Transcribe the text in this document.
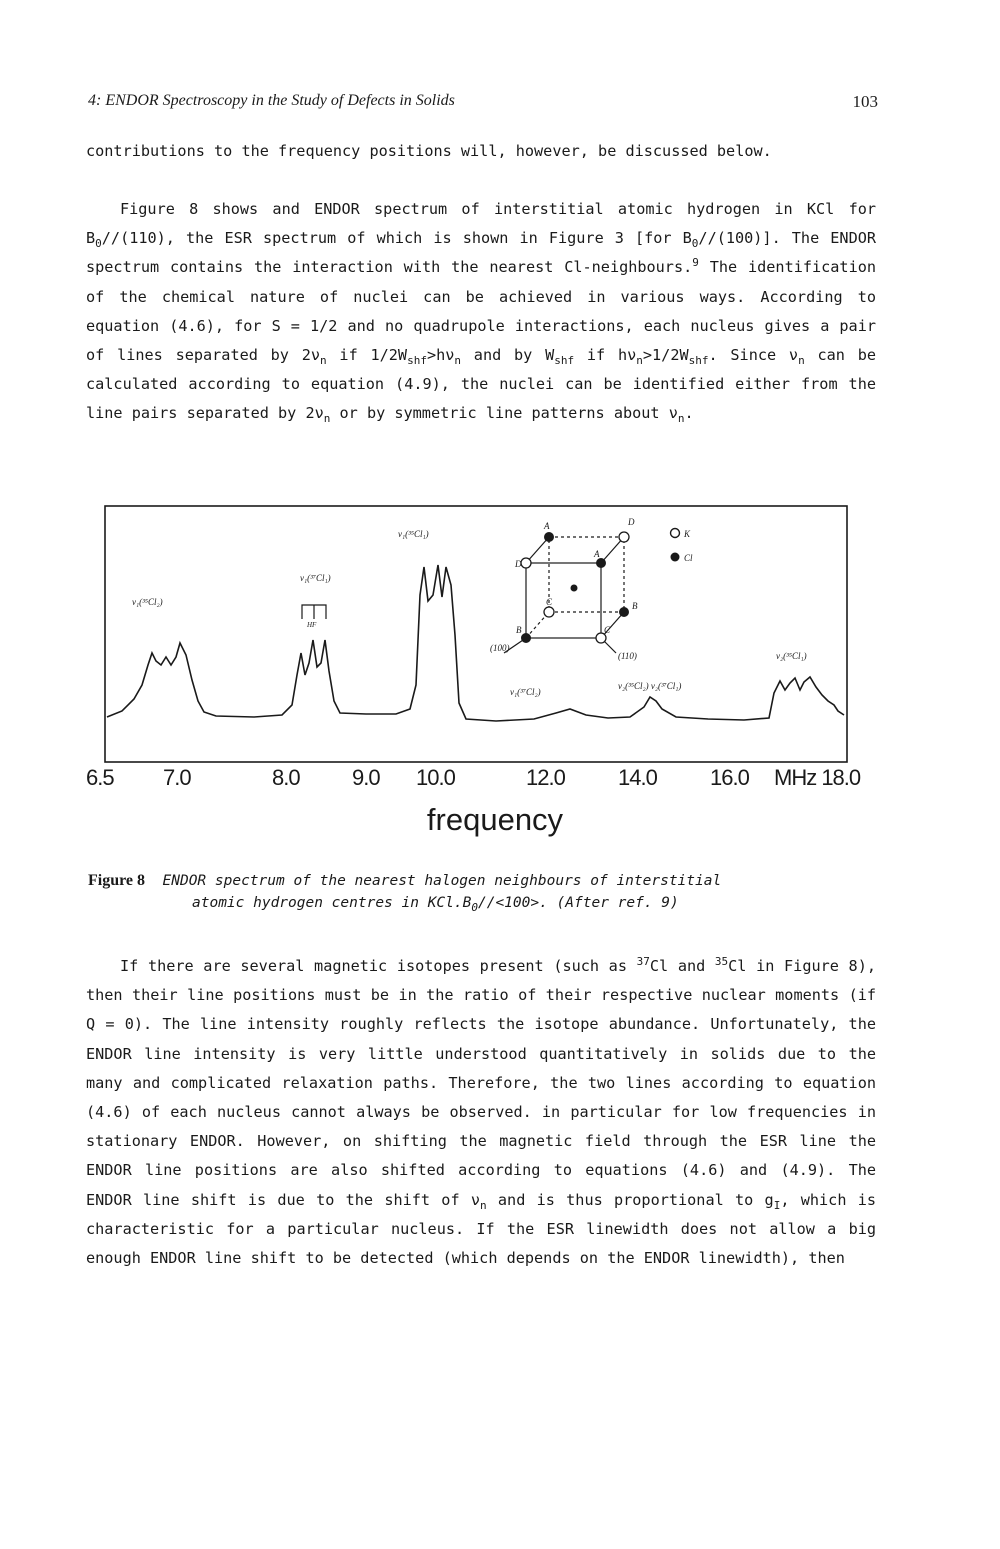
4: ENDOR Spectroscopy in the Study of Defects in Solids	103

contributions to the frequency positions will, however, be discussed below.

Figure 8 shows and ENDOR spectrum of interstitial atomic hydrogen in KCl for $B_0//(110)$, the ESR spectrum of which is shown in Figure 3 [for $B_0//(100)$]. The ENDOR spectrum contains the interaction with the nearest Cl-neighbours.$^9$ The identification of the chemical nature of nuclei can be achieved in various ways. According to equation (4.6), for S = 1/2 and no quadrupole interactions, each nucleus gives a pair of lines separated by $2\nu_n$ if $1/2W_{shf}>h\nu_n$ and by $W_{shf}$ if $h\nu_n>1/2W_{shf}$. Since $\nu_n$ can be calculated according to equation (4.9), the nuclei can be identified either from the line pairs separated by $2\nu_n$ or by symmetric line patterns about $\nu_n$.

K
Cl
A	D
D
A
C	B
B	C
(100)
(110)
ν₁(³⁵Cl₂)
ν₁(³⁷Cl₁)
ν₁(³⁵Cl₁)
ν₁(³⁷Cl₂)
ν₂(³⁵Cl₂) ν₂(³⁷Cl₁)
ν₂(³⁵Cl₁)
HF
6.5 7.0	8.0 9.0 10.0	12.0 14.0 16.0 MHz 18.0
frequency

Figure 8 ENDOR spectrum of the nearest halogen neighbours of interstitial
atomic hydrogen centres in $KCl.B_0//<100>$. (After ref. 9)

If there are several magnetic isotopes present (such as $^{37}$Cl and $^{35}$Cl in Figure 8), then their line positions must be in the ratio of their respective nuclear moments (if Q = 0). The line intensity roughly reflects the isotope abundance. Unfortunately, the ENDOR line intensity is very little understood quantitatively in solids due to the many and complicated relaxation paths. Therefore, the two lines according to equation (4.6) of each nucleus cannot always be observed. in particular for low frequencies in stationary ENDOR. However, on shifting the magnetic field through the ESR line the ENDOR line positions are also shifted according to equations (4.6) and (4.9). The ENDOR line shift is due to the shift of $\nu_n$ and is thus proportional to $g_I$, which is characteristic for a particular nucleus. If the ESR linewidth does not allow a big enough ENDOR line shift to be detected (which depends on the ENDOR linewidth), then
